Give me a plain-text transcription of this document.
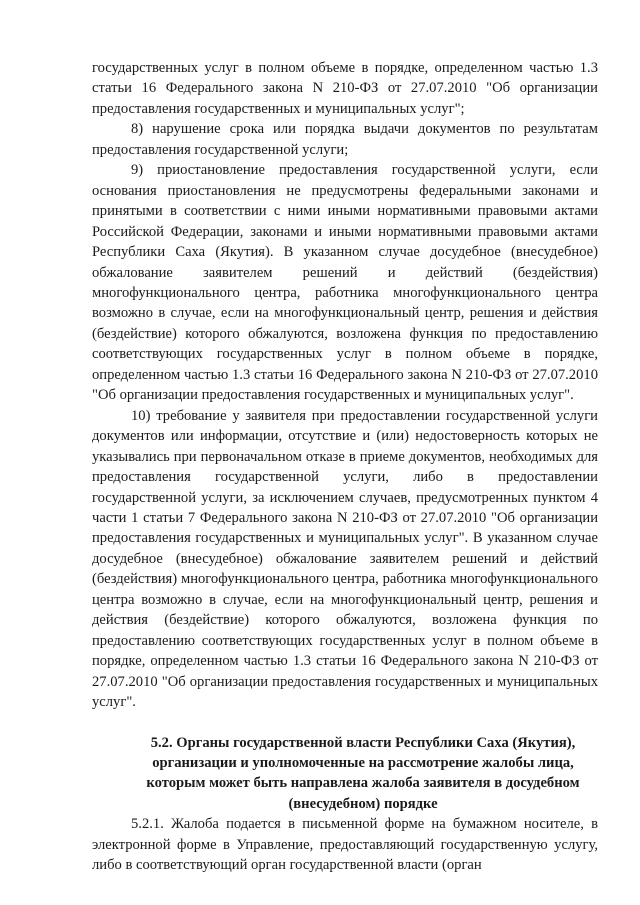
государственных услуг в полном объеме в порядке, определенном частью 1.3 статьи 16 Федерального закона N 210-ФЗ от 27.07.2010 "Об организации предоставления государственных и муниципальных услуг";

8) нарушение срока или порядка выдачи документов по результатам предоставления государственной услуги;

9) приостановление предоставления государственной услуги, если основания приостановления не предусмотрены федеральными законами и принятыми в соответствии с ними иными нормативными правовыми актами Российской Федерации, законами и иными нормативными правовыми актами Республики Саха (Якутия). В указанном случае досудебное (внесудебное) обжалование заявителем решений и действий (бездействия) многофункционального центра, работника многофункционального центра возможно в случае, если на многофункциональный центр, решения и действия (бездействие) которого обжалуются, возложена функция по предоставлению соответствующих государственных услуг в полном объеме в порядке, определенном частью 1.3 статьи 16 Федерального закона N 210-ФЗ от 27.07.2010 "Об организации предоставления государственных и муниципальных услуг".

10) требование у заявителя при предоставлении государственной услуги документов или информации, отсутствие и (или) недостоверность которых не указывались при первоначальном отказе в приеме документов, необходимых для предоставления государственной услуги, либо в предоставлении государственной услуги, за исключением случаев, предусмотренных пунктом 4 части 1 статьи 7 Федерального закона N 210-ФЗ от 27.07.2010 "Об организации предоставления государственных и муниципальных услуг". В указанном случае досудебное (внесудебное) обжалование заявителем решений и действий (бездействия) многофункционального центра, работника многофункционального центра возможно в случае, если на многофункциональный центр, решения и действия (бездействие) которого обжалуются, возложена функция по предоставлению соответствующих государственных услуг в полном объеме в порядке, определенном частью 1.3 статьи 16 Федерального закона N 210-ФЗ от 27.07.2010 "Об организации предоставления государственных и муниципальных услуг".

5.2. Органы государственной власти Республики Саха (Якутия), организации и уполномоченные на рассмотрение жалобы лица, которым может быть направлена жалоба заявителя в досудебном (внесудебном) порядке

5.2.1. Жалоба подается в письменной форме на бумажном носителе, в электронной форме в Управление, предоставляющий государственную услугу, либо в соответствующий орган государственной власти (орган
